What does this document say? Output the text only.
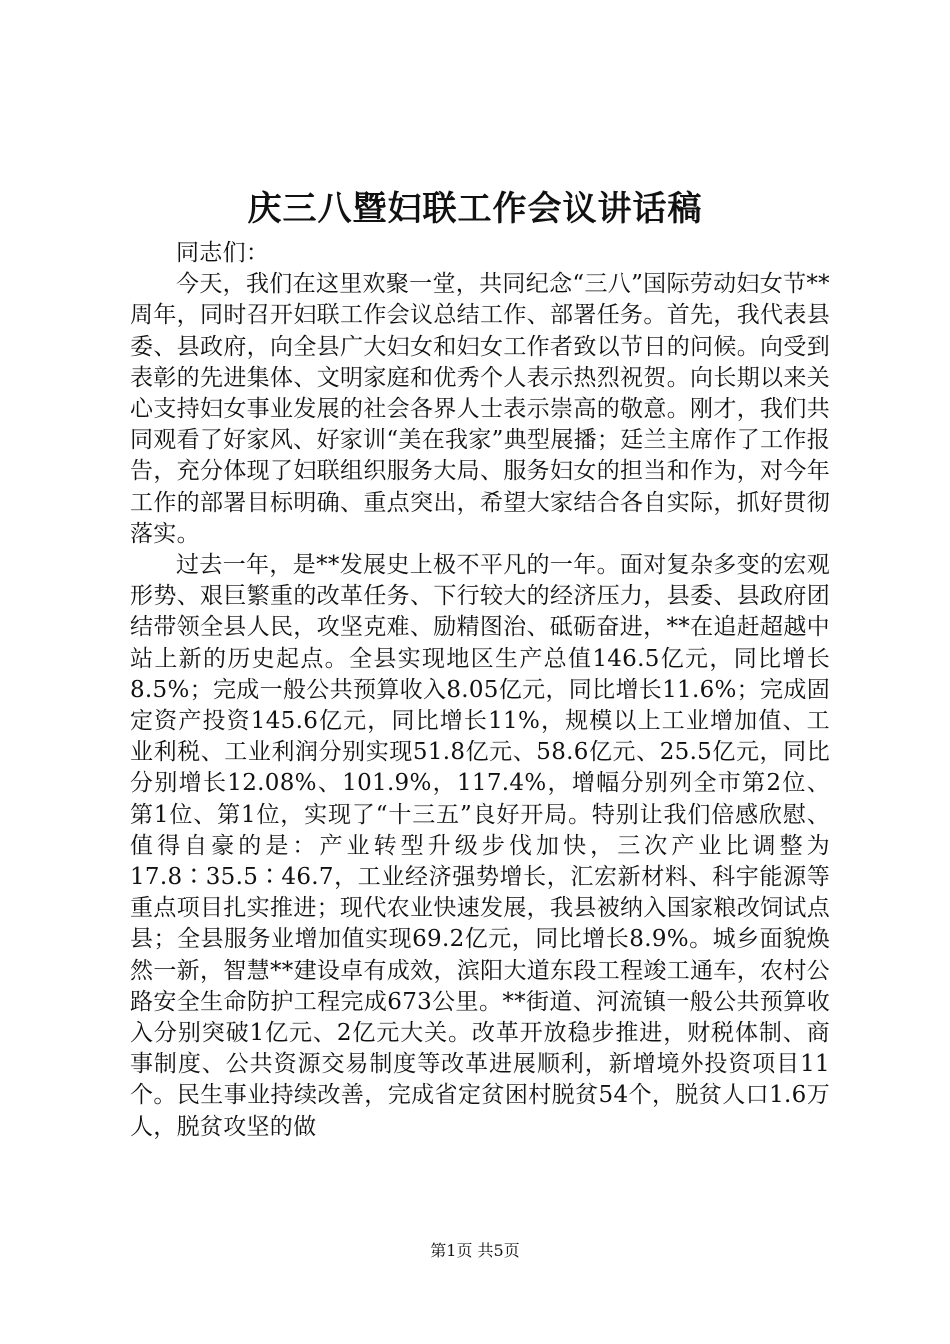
庆三八暨妇联工作会议讲话稿

同志们：

今天，我们在这里欢聚一堂，共同纪念“三八”国际劳动妇女节**周年，同时召开妇联工作会议总结工作、部署任务。首先，我代表县委、县政府，向全县广大妇女和妇女工作者致以节日的问候。向受到表彰的先进集体、文明家庭和优秀个人表示热烈祝贺。向长期以来关心支持妇女事业发展的社会各界人士表示崇高的敬意。刚才，我们共同观看了好家风、好家训“美在我家”典型展播；廷兰主席作了工作报告，充分体现了妇联组织服务大局、服务妇女的担当和作为，对今年工作的部署目标明确、重点突出，希望大家结合各自实际，抓好贯彻落实。

过去一年，是**发展史上极不平凡的一年。面对复杂多变的宏观形势、艰巨繁重的改革任务、下行较大的经济压力，县委、县政府团结带领全县人民，攻坚克难、励精图治、砥砺奋进，**在追赶超越中站上新的历史起点。全县实现地区生产总值146.5亿元，同比增长8.5%；完成一般公共预算收入8.05亿元，同比增长11.6%；完成固定资产投资145.6亿元，同比增长11%，规模以上工业增加值、工业利税、工业利润分别实现51.8亿元、58.6亿元、25.5亿元，同比分别增长12.08%、101.9%，117.4%，增幅分别列全市第2位、第1位、第1位，实现了“十三五”良好开局。特别让我们倍感欣慰、值得自豪的是：产业转型升级步伐加快，三次产业比调整为17.8∶35.5∶46.7，工业经济强势增长，汇宏新材料、科宇能源等重点项目扎实推进；现代农业快速发展，我县被纳入国家粮改饲试点县；全县服务业增加值实现69.2亿元，同比增长8.9%。城乡面貌焕然一新，智慧**建设卓有成效，滨阳大道东段工程竣工通车，农村公路安全生命防护工程完成673公里。**街道、河流镇一般公共预算收入分别突破1亿元、2亿元大关。改革开放稳步推进，财税体制、商事制度、公共资源交易制度等改革进展顺利，新增境外投资项目11个。民生事业持续改善，完成省定贫困村脱贫54个，脱贫人口1.6万人，脱贫攻坚的做

第1页 共5页
